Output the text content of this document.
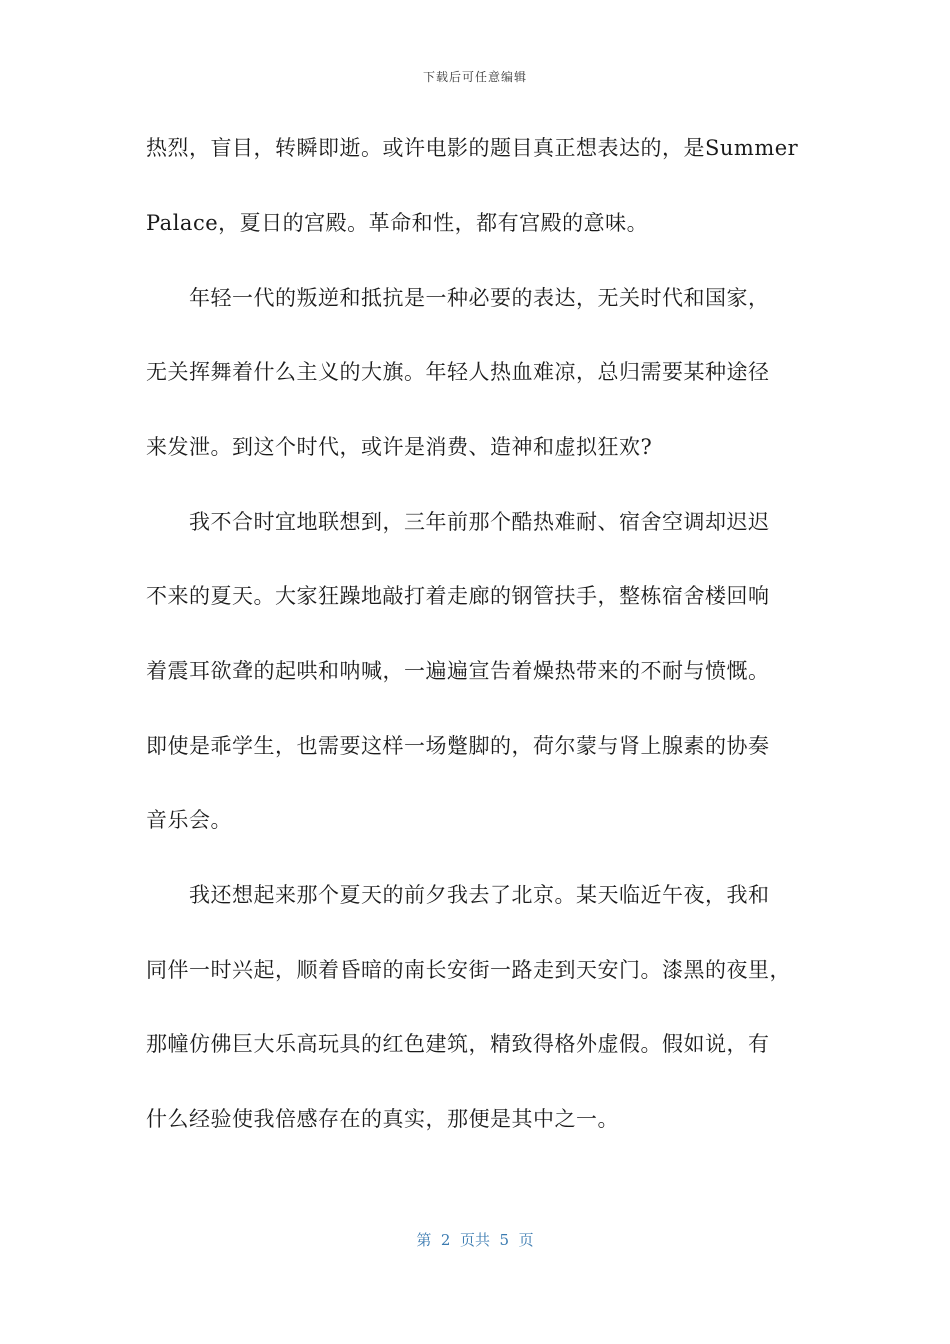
下载后可任意编辑
热烈，盲目，转瞬即逝。或许电影的题目真正想表达的，是Summer
Palace，夏日的宫殿。革命和性，都有宫殿的意味。
　　年轻一代的叛逆和抵抗是一种必要的表达，无关时代和国家，
无关挥舞着什么主义的大旗。年轻人热血难凉，总归需要某种途径
来发泄。到这个时代，或许是消费、造神和虚拟狂欢?
　　我不合时宜地联想到，三年前那个酷热难耐、宿舍空调却迟迟
不来的夏天。大家狂躁地敲打着走廊的钢管扶手，整栋宿舍楼回响
着震耳欲聋的起哄和呐喊，一遍遍宣告着燥热带来的不耐与愤慨。
即使是乖学生，也需要这样一场蹩脚的，荷尔蒙与肾上腺素的协奏
音乐会。
　　我还想起来那个夏天的前夕我去了北京。某天临近午夜，我和
同伴一时兴起，顺着昏暗的南长安街一路走到天安门。漆黑的夜里，
那幢仿佛巨大乐高玩具的红色建筑，精致得格外虚假。假如说，有
什么经验使我倍感存在的真实，那便是其中之一。
第  2  页共  5  页
